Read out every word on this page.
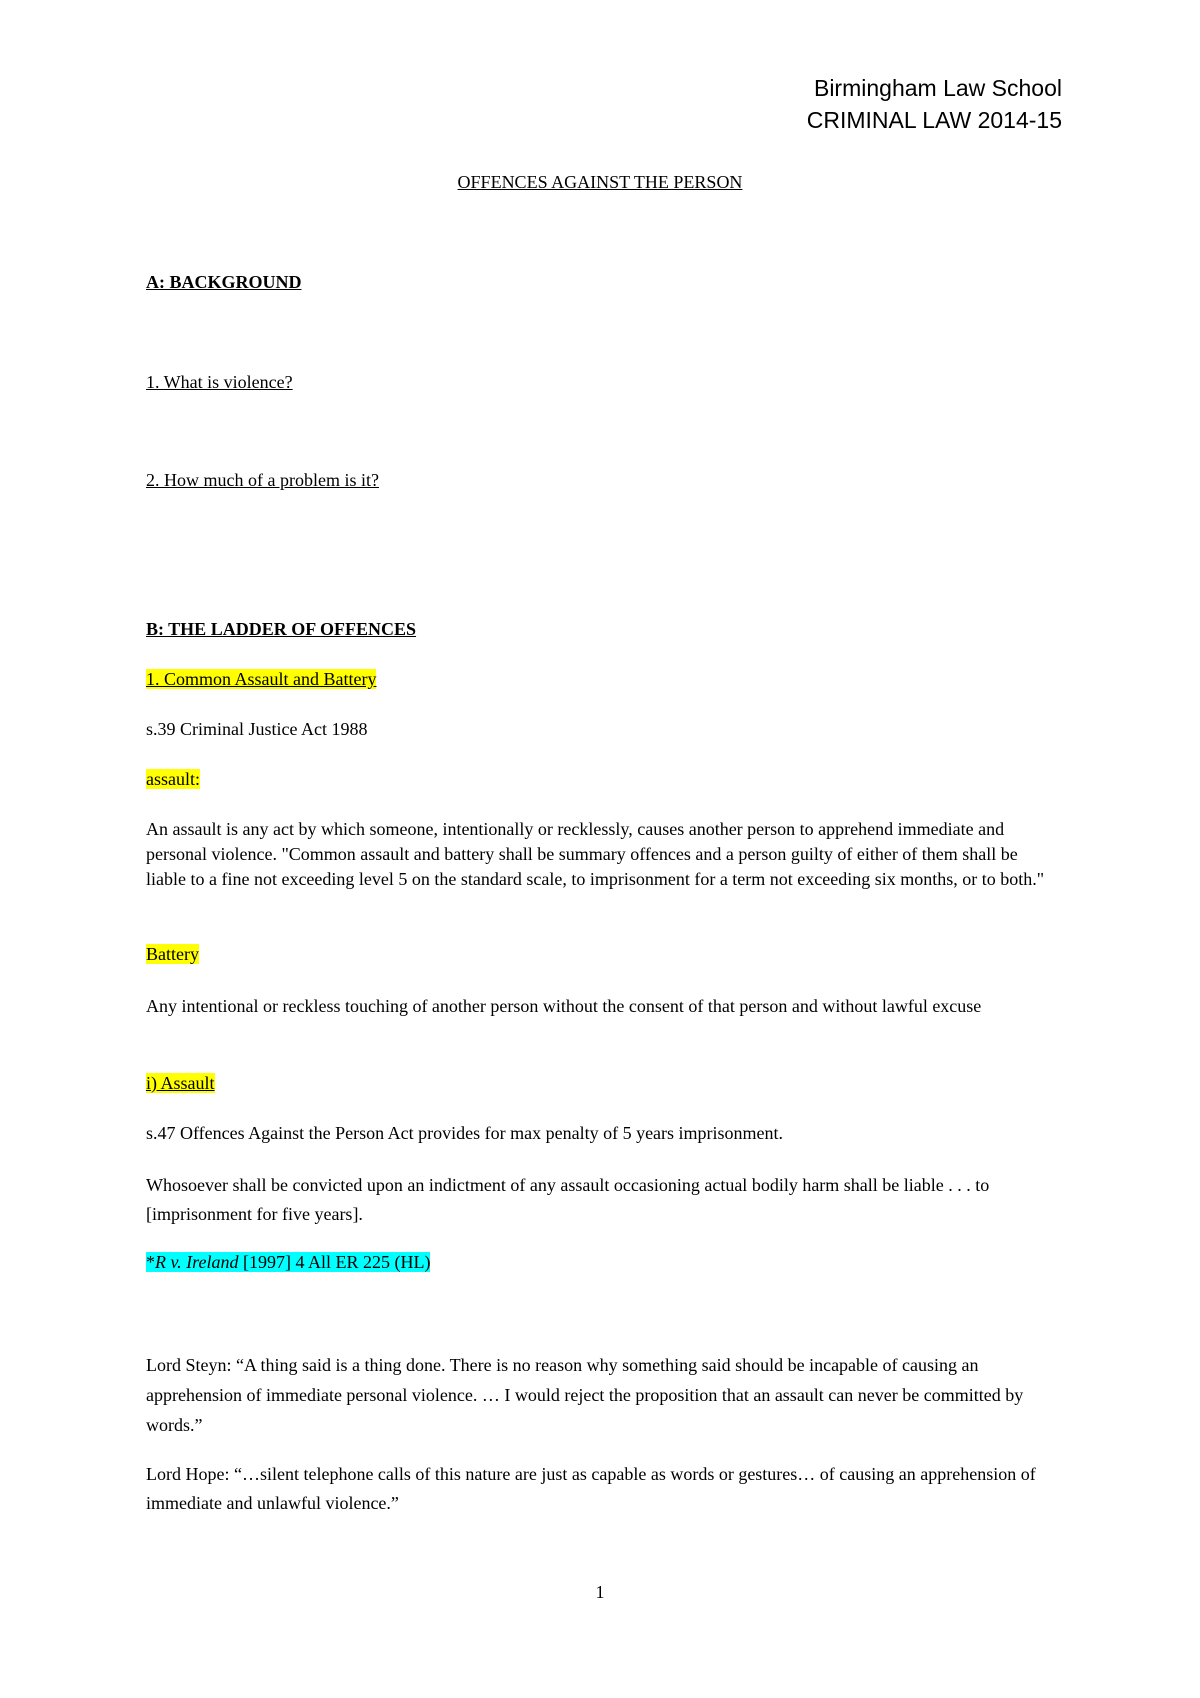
Birmingham Law School
CRIMINAL LAW 2014-15

OFFENCES AGAINST THE PERSON

A: BACKGROUND

1. What is violence?

2. How much of a problem is it?

B: THE LADDER OF OFFENCES

1. Common Assault and Battery

s.39 Criminal Justice Act 1988

assault:

An assault is any act by which someone, intentionally or recklessly, causes another person to apprehend immediate and personal violence. "Common assault and battery shall be summary offences and a person guilty of either of them shall be liable to a fine not exceeding level 5 on the standard scale, to imprisonment for a term not exceeding six months, or to both."

Battery

Any intentional or reckless touching of another person without the consent of that person and without lawful excuse

i) Assault

s.47 Offences Against the Person Act provides for max penalty of 5 years imprisonment.

Whosoever shall be convicted upon an indictment of any assault occasioning actual bodily harm shall be liable . . . to [imprisonment for five years].

*R v. Ireland [1997] 4 All ER 225 (HL)

Lord Steyn: “A thing said is a thing done. There is no reason why something said should be incapable of causing an apprehension of immediate personal violence. … I would reject the proposition that an assault can never be committed by words.”

Lord Hope: “…silent telephone calls of this nature are just as capable as words or gestures… of causing an apprehension of immediate and unlawful violence.”

1
